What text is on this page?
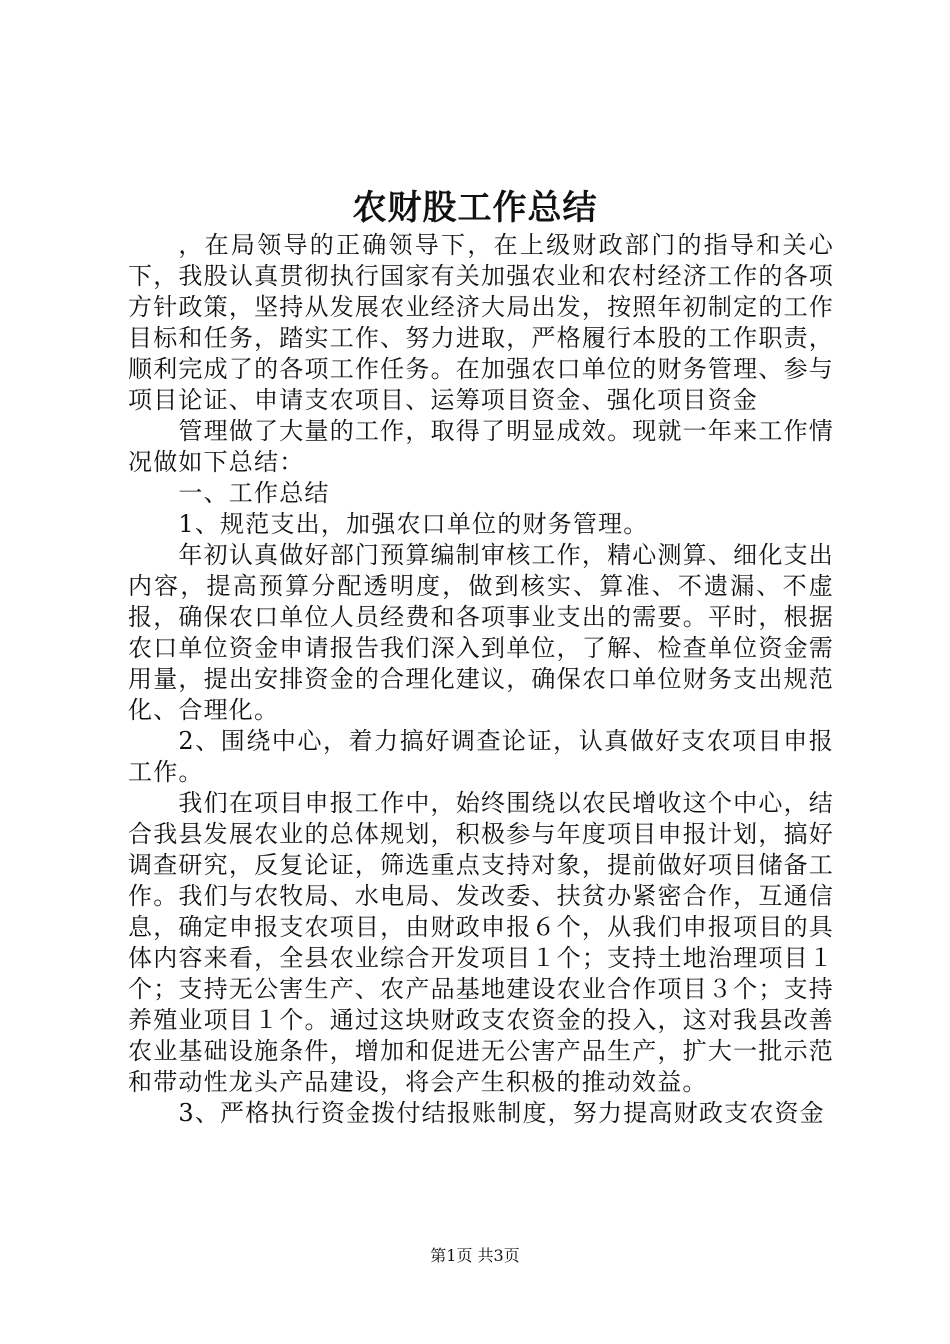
农财股工作总结

，在局领导的正确领导下，在上级财政部门的指导和关心下，我股认真贯彻执行国家有关加强农业和农村经济工作的各项方针政策，坚持从发展农业经济大局出发，按照年初制定的工作目标和任务，踏实工作、努力进取，严格履行本股的工作职责，顺利完成了的各项工作任务。在加强农口单位的财务管理、参与项目论证、申请支农项目、运筹项目资金、强化项目资金

管理做了大量的工作，取得了明显成效。现就一年来工作情况做如下总结：

一、工作总结

1、规范支出，加强农口单位的财务管理。

年初认真做好部门预算编制审核工作，精心测算、细化支出内容，提高预算分配透明度，做到核实、算准、不遗漏、不虚报，确保农口单位人员经费和各项事业支出的需要。平时，根据农口单位资金申请报告我们深入到单位，了解、检查单位资金需用量，提出安排资金的合理化建议，确保农口单位财务支出规范化、合理化。

2、围绕中心，着力搞好调查论证，认真做好支农项目申报工作。

我们在项目申报工作中，始终围绕以农民增收这个中心，结合我县发展农业的总体规划，积极参与年度项目申报计划，搞好调查研究，反复论证，筛选重点支持对象，提前做好项目储备工作。我们与农牧局、水电局、发改委、扶贫办紧密合作，互通信息，确定申报支农项目，由财政申报６个，从我们申报项目的具体内容来看，全县农业综合开发项目１个；支持土地治理项目１个；支持无公害生产、农产品基地建设农业合作项目３个；支持养殖业项目１个。通过这块财政支农资金的投入，这对我县改善农业基础设施条件，增加和促进无公害产品生产，扩大一批示范和带动性龙头产品建设，将会产生积极的推动效益。

3、严格执行资金拨付结报账制度，努力提高财政支农资金

第1页 共3页
